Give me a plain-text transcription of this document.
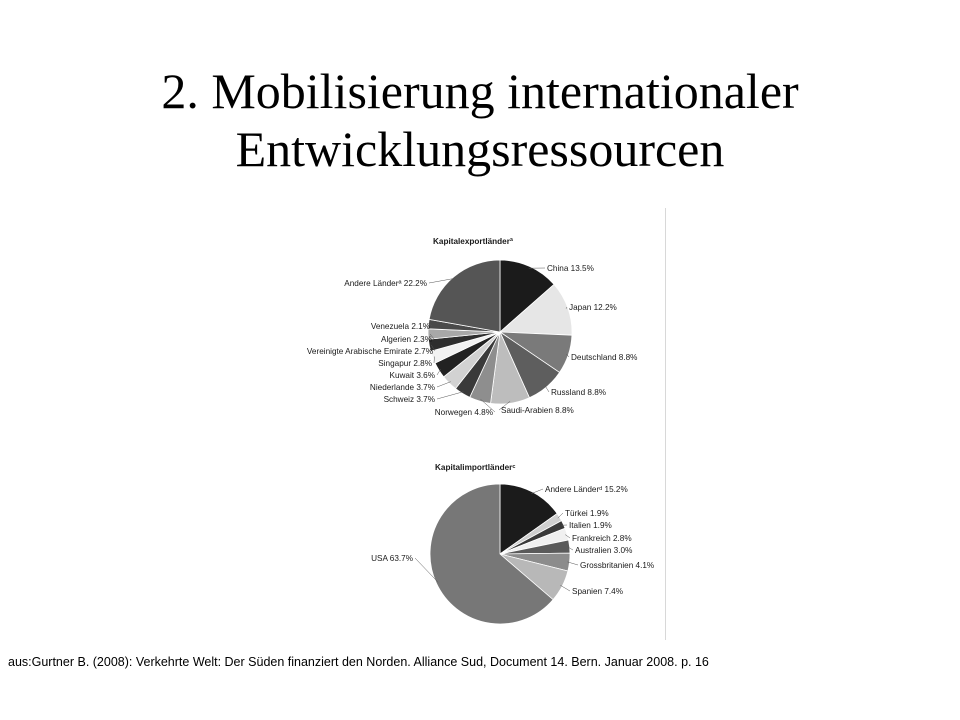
2. Mobilisierung internationaler
Entwicklungsressourcen
Kapitalexportländerª
China 13.5%
Japan 12.2%
Deutschland 8.8%
Russland 8.8%
Saudi-Arabien 8.8%
Norwegen 4.8%
Schweiz 3.7%
Niederlande 3.7%
Kuwait 3.6%
Singapur 2.8%
Vereinigte Arabische Emirate 2.7%
Algerien 2.3%
Venezuela 2.1%
Andere Länderª 22.2%
Kapitalimportländerᶜ
Andere Länderᵈ 15.2%
Türkei 1.9%
Italien 1.9%
Frankreich 2.8%
Australien 3.0%
Grossbritanien 4.1%
Spanien 7.4%
USA 63.7%
aus:Gurtner B. (2008): Verkehrte Welt: Der Süden finanziert den Norden. Alliance Sud, Document 14. Bern. Januar 2008. p. 16
